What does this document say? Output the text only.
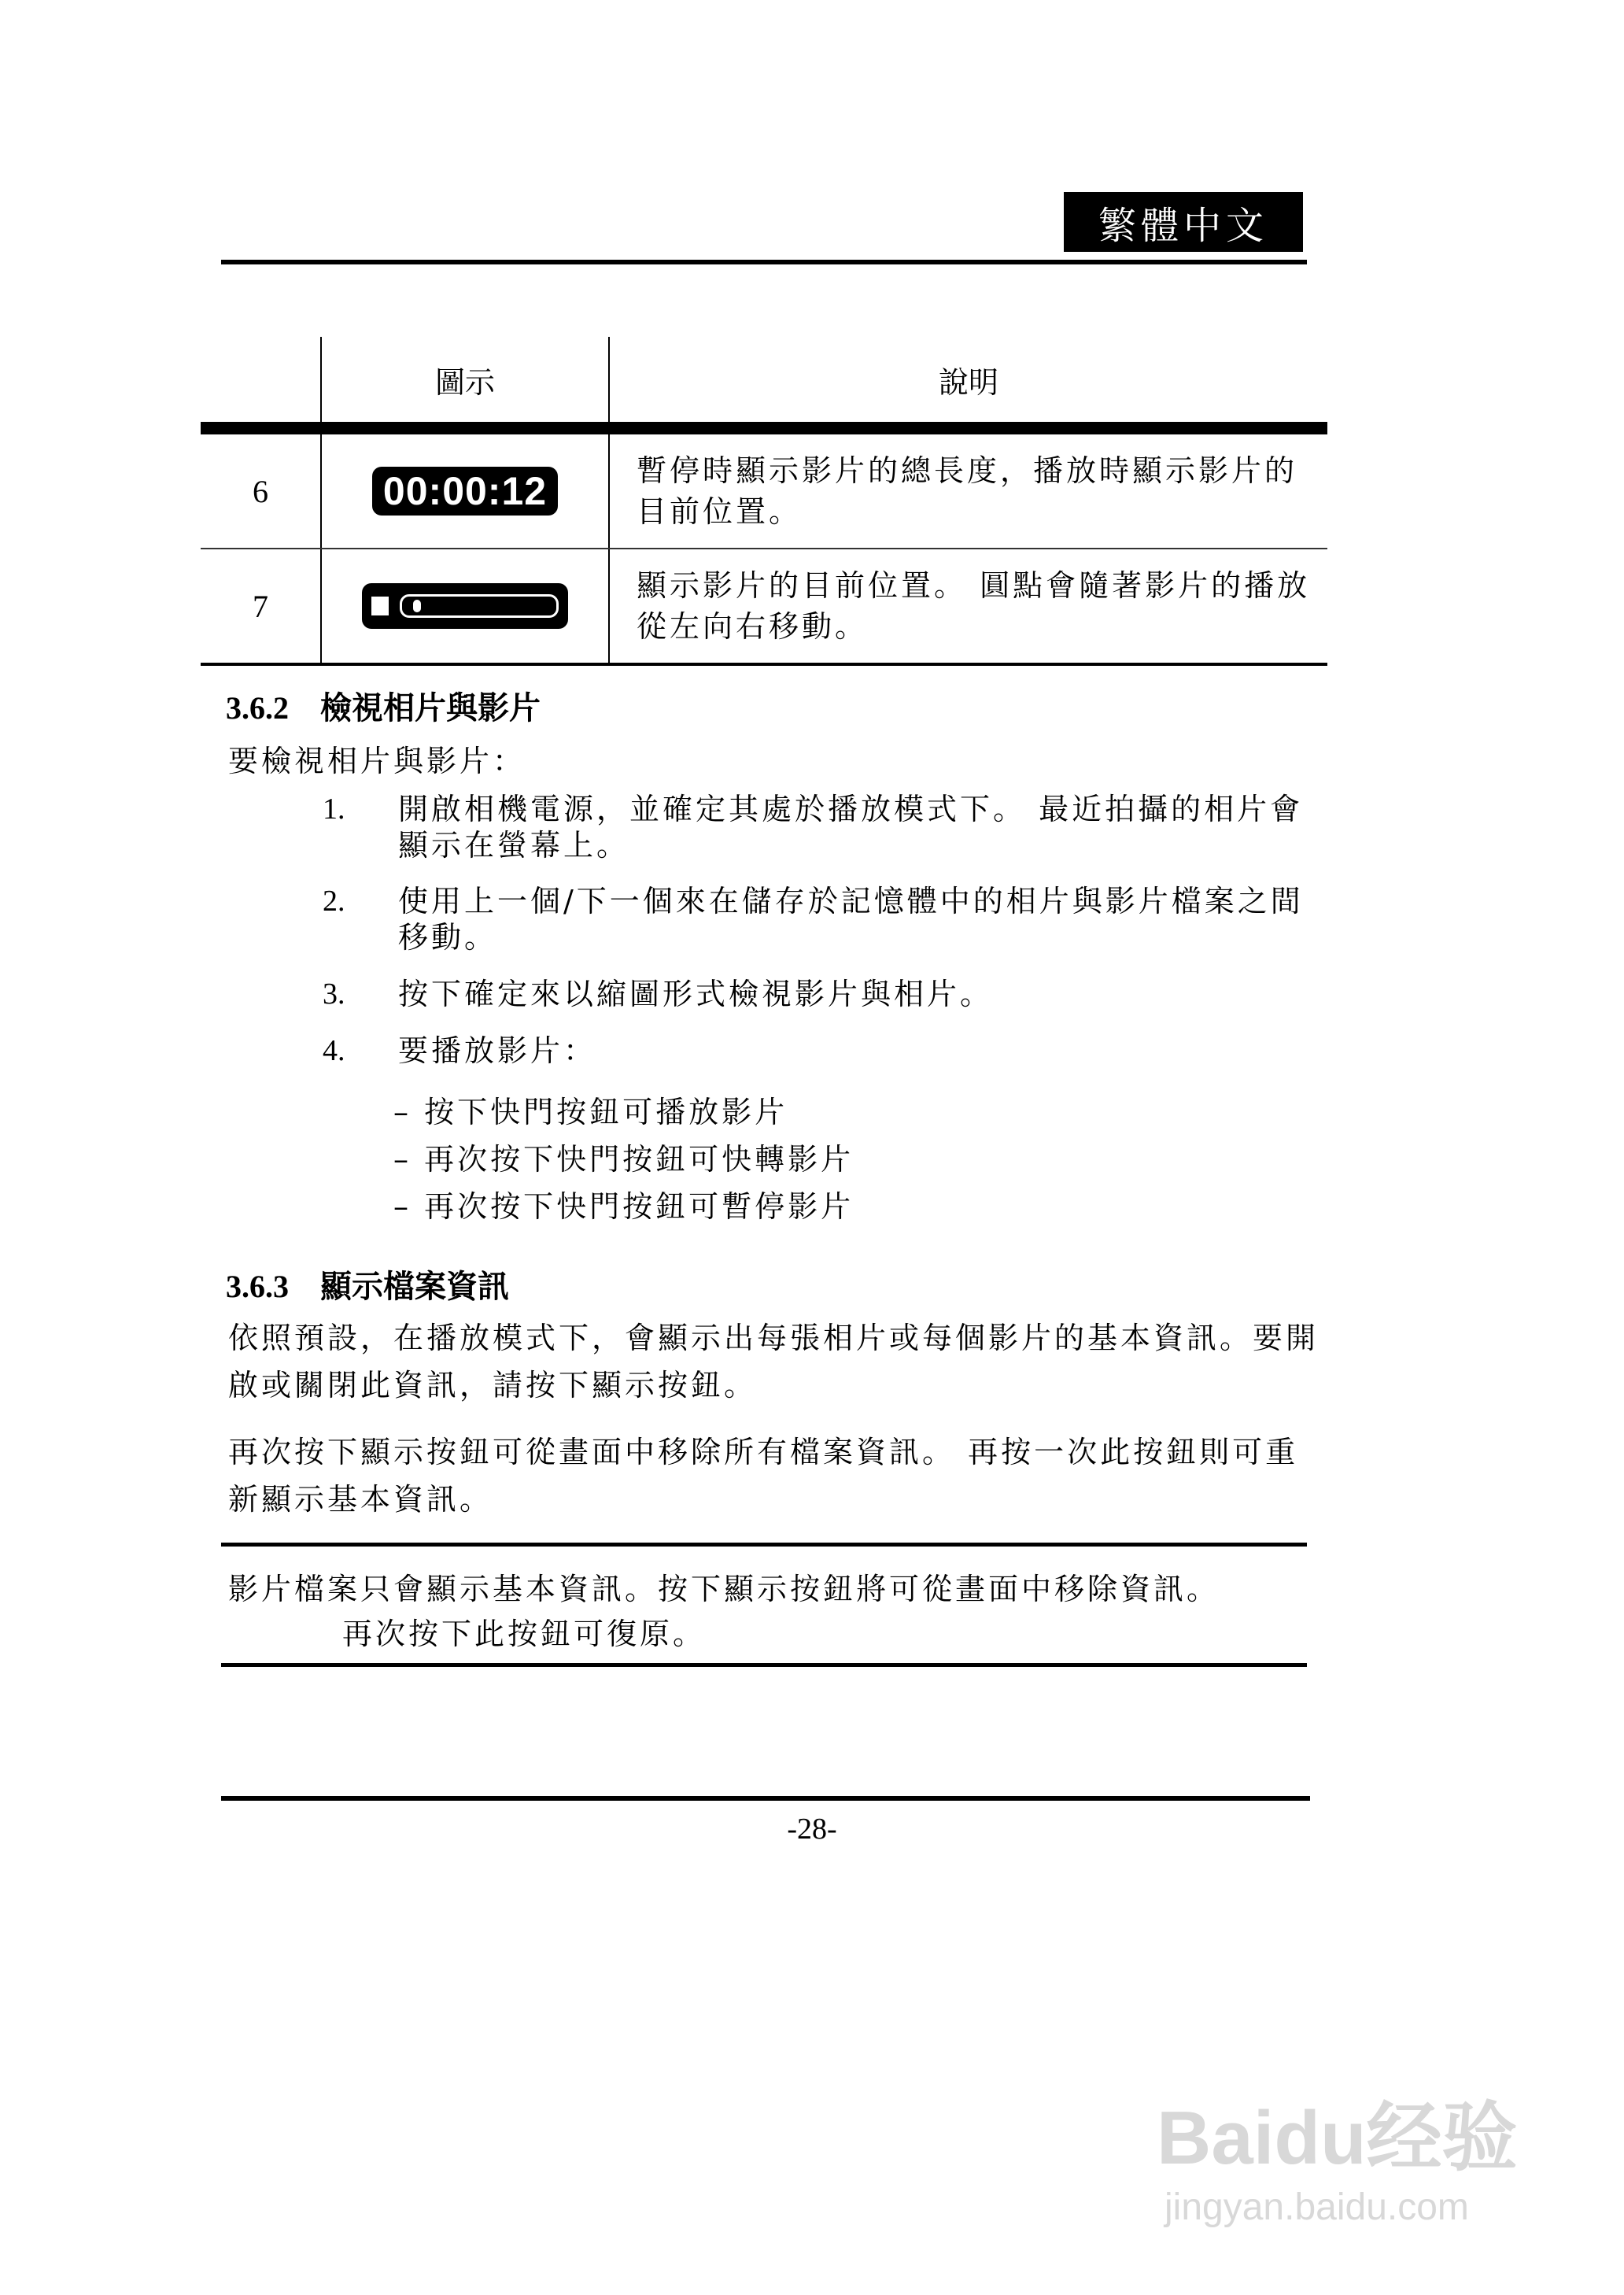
繁體中文
	圖示	說明
6	00:00:12	暫停時顯示影片的總長度，播放時顯示影片的目前位置。
7		顯示影片的目前位置。 圓點會隨著影片的播放從左向右移動。
3.6.2 檢視相片與影片
要檢視相片與影片：
1. 開啟相機電源，並確定其處於播放模式下。 最近拍攝的相片會顯示在螢幕上。
2. 使用上一個/下一個來在儲存於記憶體中的相片與影片檔案之間移動。
3. 按下確定來以縮圖形式檢視影片與相片。
4. 要播放影片：
– 按下快門按鈕可播放影片
– 再次按下快門按鈕可快轉影片
– 再次按下快門按鈕可暫停影片
3.6.3 顯示檔案資訊
依照預設，在播放模式下，會顯示出每張相片或每個影片的基本資訊。要開啟或關閉此資訊，請按下顯示按鈕。
再次按下顯示按鈕可從畫面中移除所有檔案資訊。 再按一次此按鈕則可重新顯示基本資訊。
影片檔案只會顯示基本資訊。按下顯示按鈕將可從畫面中移除資訊。
再次按下此按鈕可復原。
-28-
Baidu经验
jingyan.baidu.com
